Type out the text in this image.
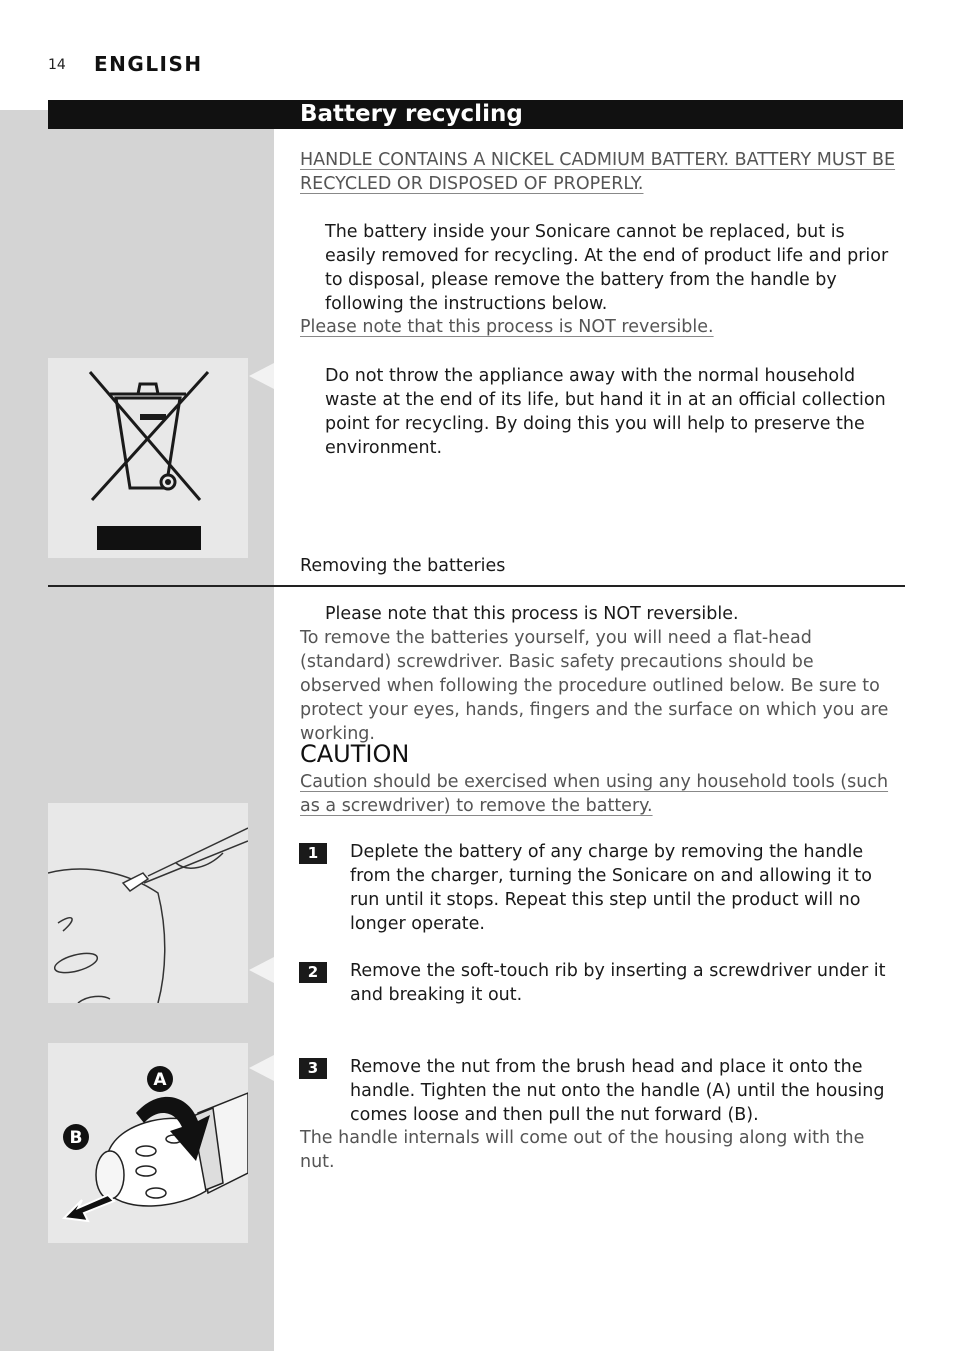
14 ENGLISH
Battery recycling
HANDLE CONTAINS A NICKEL CADMIUM BATTERY. BATTERY MUST BE RECYCLED OR DISPOSED OF PROPERLY.
The battery inside your Sonicare cannot be replaced, but is easily removed for recycling. At the end of product life and prior to disposal, please remove the battery from the handle by following the instructions below.
Please note that this process is NOT reversible.
Do not throw the appliance away with the normal household waste at the end of its life, but hand it in at an official collection point for recycling. By doing this you will help to preserve the environment.
Removing the batteries
Please note that this process is NOT reversible.
To remove the batteries yourself, you will need a flat-head (standard) screwdriver. Basic safety precautions should be observed when following the procedure outlined below. Be sure to protect your eyes, hands, fingers and the surface on which you are working.
CAUTION
Caution should be exercised when using any household tools (such as a screwdriver) to remove the battery.
1	Deplete the battery of any charge by removing the handle from the charger, turning the Sonicare on and allowing it to run until it stops. Repeat this step until the product will no longer operate.
2	Remove the soft-touch rib by inserting a screwdriver under it and breaking it out.
3	Remove the nut from the brush head and place it onto the handle. Tighten the nut onto the handle (A) until the housing comes loose and then pull the nut forward (B).
The handle internals will come out of the housing along with the nut.
A
B
